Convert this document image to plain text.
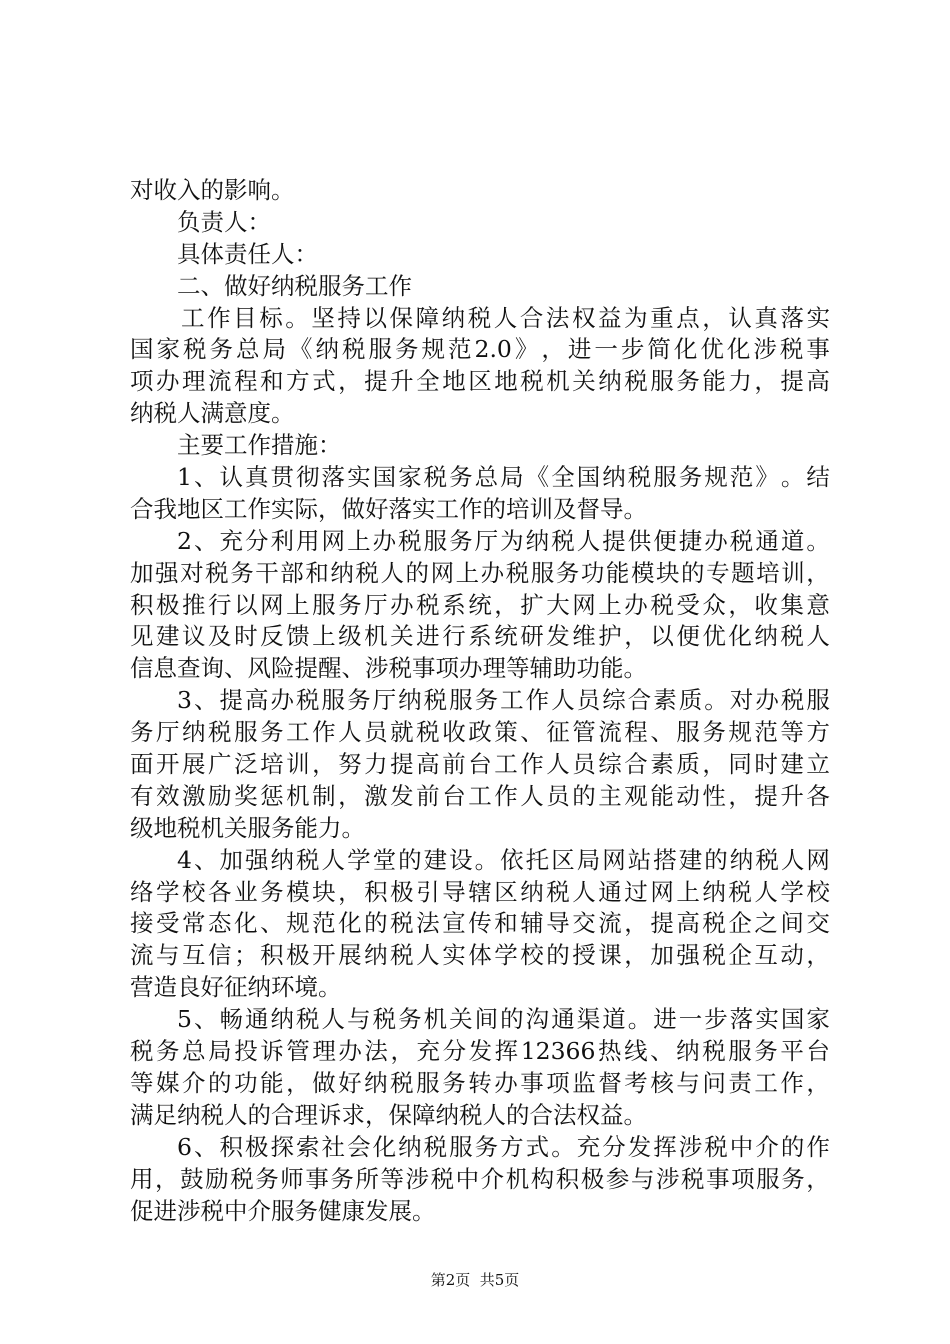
对收入的影响。
负责人：
具体责任人：
二、做好纳税服务工作
工 作 目 标 。 坚 持 以 保 障 纳 税 人 合 法 权 益 为 重 点 ， 认 真 落 实
国 家 税 务 总 局 《 纳 税 服 务 规 范 2.0 》 ， 进 一 步 简 化 优 化 涉 税 事
项 办 理 流 程 和 方 式 ， 提 升 全 地 区 地 税 机 关 纳 税 服 务 能 力 ， 提 高
纳税人满意度。
主要工作措施：
1 、 认 真 贯 彻 落 实 国 家 税 务 总 局 《 全 国 纳 税 服 务 规 范 》 。 结
合我地区工作实际，做好落实工作的培训及督导。
2 、 充 分 利 用 网 上 办 税 服 务 厅 为 纳 税 人 提 供 便 捷 办 税 通 道 。
加 强 对 税 务 干 部 和 纳 税 人 的 网 上 办 税 服 务 功 能 模 块 的 专 题 培 训 ，
积 极 推 行 以 网 上 服 务 厅 办 税 系 统 ， 扩 大 网 上 办 税 受 众 ， 收 集 意
见 建 议 及 时 反 馈 上 级 机 关 进 行 系 统 研 发 维 护 ， 以 便 优 化 纳 税 人
信息查询、风险提醒、涉税事项办理等辅助功能。
3 、 提 高 办 税 服 务 厅 纳 税 服 务 工 作 人 员 综 合 素 质 。 对 办 税 服
务 厅 纳 税 服 务 工 作 人 员 就 税 收 政 策 、 征 管 流 程 、 服 务 规 范 等 方
面 开 展 广 泛 培 训 ， 努 力 提 高 前 台 工 作 人 员 综 合 素 质 ， 同 时 建 立
有 效 激 励 奖 惩 机 制 ， 激 发 前 台 工 作 人 员 的 主 观 能 动 性 ， 提 升 各
级地税机关服务能力。
4 、 加 强 纳 税 人 学 堂 的 建 设 。 依 托 区 局 网 站 搭 建 的 纳 税 人 网
络 学 校 各 业 务 模 块 ， 积 极 引 导 辖 区 纳 税 人 通 过 网 上 纳 税 人 学 校
接 受 常 态 化 、 规 范 化 的 税 法 宣 传 和 辅 导 交 流 ， 提 高 税 企 之 间 交
流 与 互 信 ； 积 极 开 展 纳 税 人 实 体 学 校 的 授 课 ， 加 强 税 企 互 动 ，
营造良好征纳环境。
5 、 畅 通 纳 税 人 与 税 务 机 关 间 的 沟 通 渠 道 。 进 一 步 落 实 国 家
税 务 总 局 投 诉 管 理 办 法 ， 充 分 发 挥 12366 热 线 、 纳 税 服 务 平 台
等 媒 介 的 功 能 ， 做 好 纳 税 服 务 转 办 事 项 监 督 考 核 与 问 责 工 作 ，
满足纳税人的合理诉求，保障纳税人的合法权益。
6 、 积 极 探 索 社 会 化 纳 税 服 务 方 式 。 充 分 发 挥 涉 税 中 介 的 作
用 ， 鼓 励 税 务 师 事 务 所 等 涉 税 中 介 机 构 积 极 参 与 涉 税 事 项 服 务 ，
促进涉税中介服务健康发展。
第2页  共5页
